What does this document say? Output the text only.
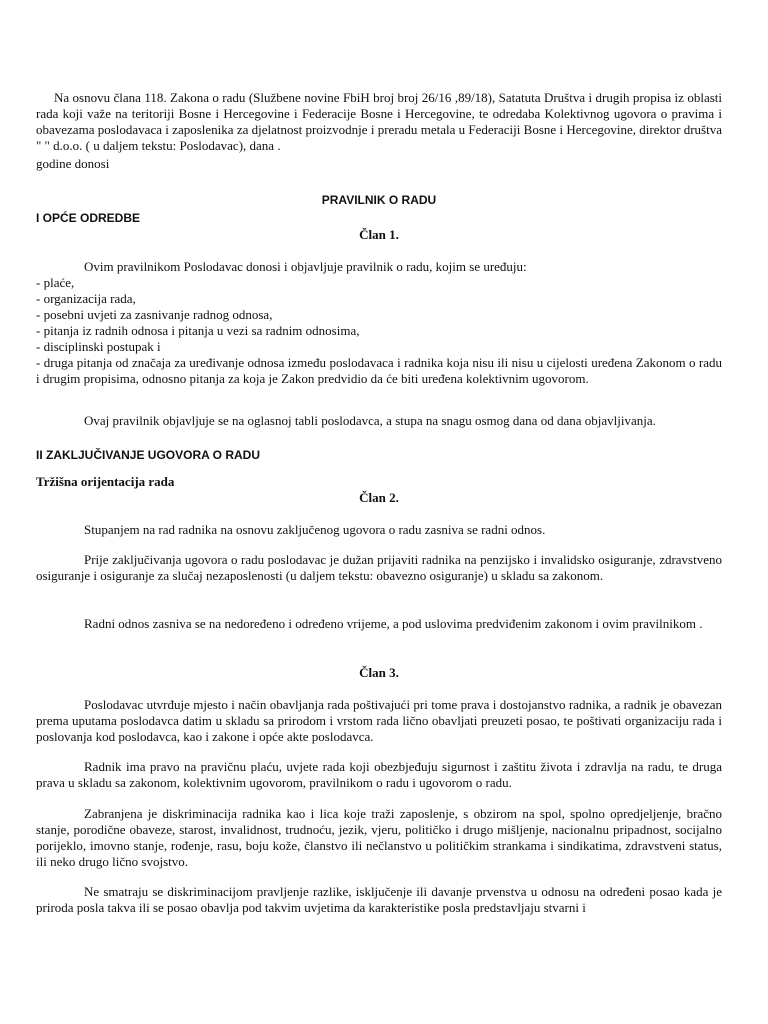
Na osnovu člana 118. Zakona o radu (Službene novine FbiH broj broj 26/16 ,89/18), Satatuta Društva i drugih propisa iz oblasti rada koji važe na teritoriji Bosne i Hercegovine i Federacije Bosne i Hercegovine, te odredaba Kolektivnog ugovora o pravima i obavezama poslodavaca i zaposlenika za djelatnost proizvodnje i preradu metala u Federaciji Bosne i Hercegovine, direktor društva " " d.o.o. ( u daljem tekstu: Poslodavac), dana .

godine donosi

PRAVILNIK O RADU

I OPĆE ODREDBE

Član 1.

Ovim pravilnikom Poslodavac donosi i objavljuje pravilnik o radu, kojim se uređuju:

- plaće,
- organizacija rada,
- posebni uvjeti za zasnivanje radnog odnosa,
- pitanja iz radnih odnosa i pitanja u vezi sa radnim odnosima,
- disciplinski postupak i

- druga pitanja od značaja za uređivanje odnosa između poslodavaca i radnika koja nisu ili nisu u cijelosti uređena Zakonom o radu i drugim propisima, odnosno pitanja za koja je Zakon predvidio da će biti uređena kolektivnim ugovorom.

Ovaj pravilnik objavljuje se na oglasnoj tabli poslodavca, a stupa na snagu osmog dana od dana objavljivanja.

II ZAKLJUČIVANJE UGOVORA O RADU

Tržišna orijentacija rada

Član 2.

Stupanjem na rad radnika na osnovu zaključenog ugovora o radu zasniva se radni odnos.

Prije zaključivanja ugovora o radu poslodavac je dužan prijaviti radnika na penzijsko i invalidsko osiguranje, zdravstveno osiguranje i osiguranje za slučaj nezaposlenosti (u daljem tekstu: obavezno osiguranje) u skladu sa zakonom.

Radni odnos zasniva se na nedoređeno i određeno vrijeme, a pod uslovima predviđenim zakonom i ovim pravilnikom .

Član 3.

Poslodavac utvrđuje mjesto i način obavljanja rada poštivajući pri tome prava i dostojanstvo radnika, a radnik je obavezan prema uputama poslodavca datim u skladu sa prirodom i vrstom rada lično obavljati preuzeti posao, te poštivati organizaciju rada i poslovanja kod poslodavca, kao i zakone i opće akte poslodavca.

Radnik ima pravo na pravičnu plaću, uvjete rada koji obezbjeđuju sigurnost i zaštitu života i zdravlja na radu, te druga prava u skladu sa zakonom, kolektivnim ugovorom, pravilnikom o radu i ugovorom o radu.

Zabranjena je diskriminacija radnika kao i lica koje traži zaposlenje, s obzirom na spol, spolno opredjeljenje, bračno stanje, porodične obaveze, starost, invalidnost, trudnoću, jezik, vjeru, političko i drugo mišljenje, nacionalnu pripadnost, socijalno porijeklo, imovno stanje, rođenje, rasu, boju kože, članstvo ili nečlanstvo u političkim strankama i sindikatima, zdravstveni status, ili neko drugo lično svojstvo.

Ne smatraju se diskriminacijom pravljenje razlike, isključenje ili davanje prvenstva u odnosu na određeni posao kada je priroda posla takva ili se posao obavlja pod takvim uvjetima da karakteristike posla predstavljaju stvarni i
